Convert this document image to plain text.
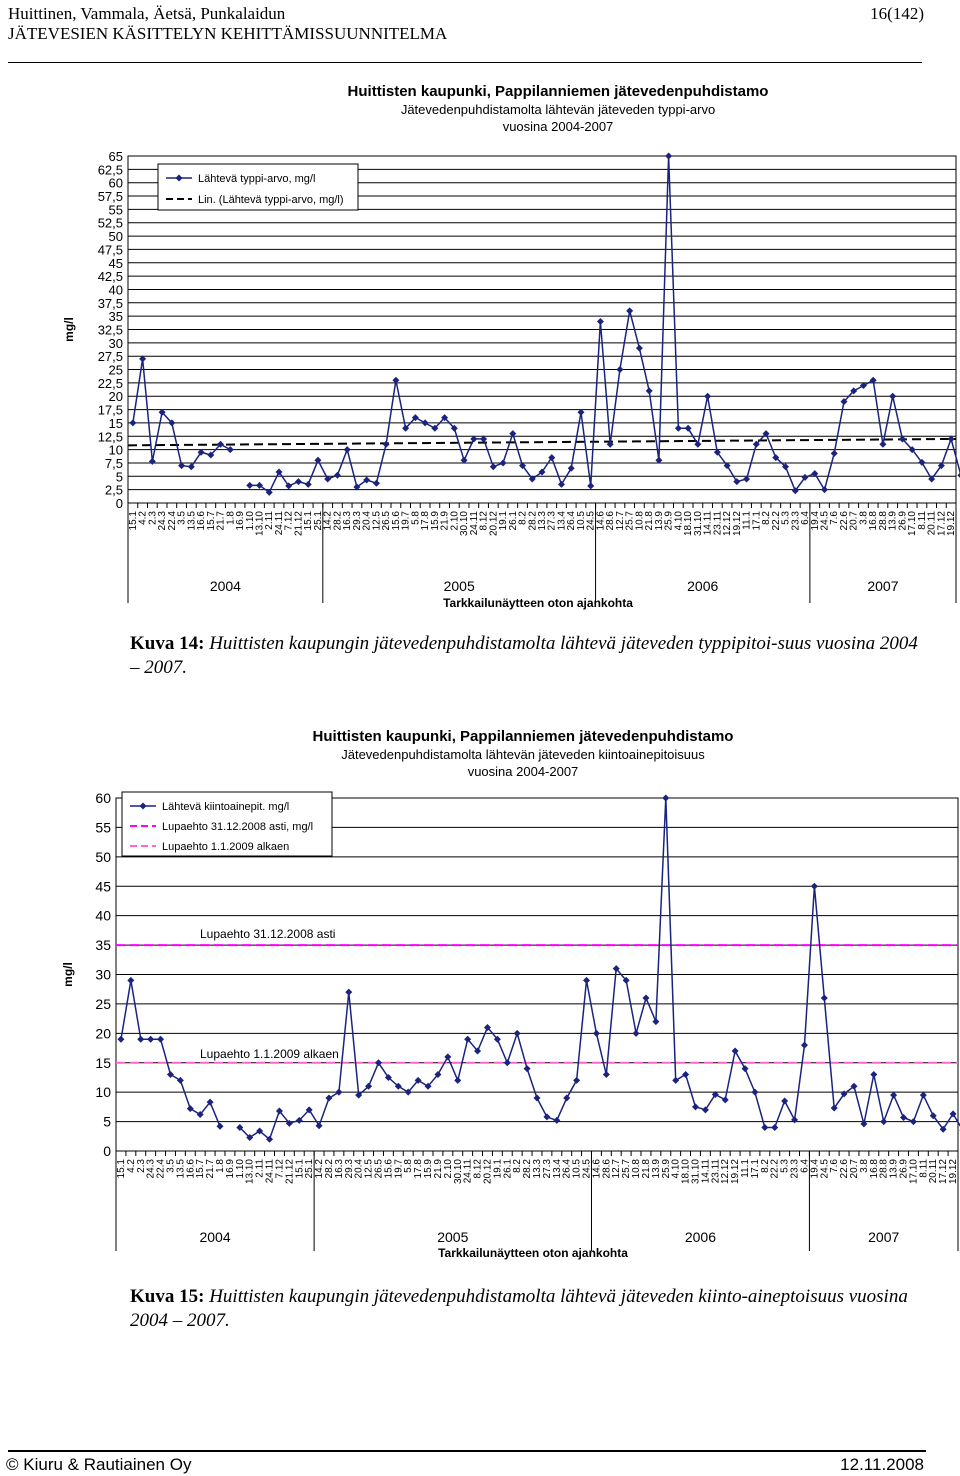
Huittinen, Vammala, Äetsä, Punkalaidun
JÄTEVESIEN KÄSITTELYN KEHITTÄMISSUUNNITELMA
16(142)
Huittisten kaupunki, Pappilanniemen jätevedenpuhdistamo
Jätevedenpuhdistamolta lähtevän jäteveden typpi-arvo
vuosina 2004-2007
0
2,5
5
7,5
10
12,5
15
17,5
20
22,5
25
27,5
30
32,5
35
37,5
40
42,5
45
47,5
50
52,5
55
57,5
60
62,5
65
mg/l
15.1
4.2
2.3
24.3
22.4
3.5
13.5
16.6
15.7
21.7
1.8
16.9
1.10
13.10
2.11
24.11
7.12
21.12
15.1
25.1
14.2
28.2
16.3
29.3
20.4
12.5
26.5
15.6
19.7
5.8
17.8
15.9
21.9
2.10
30.10
24.11
8.12
20.12
19.1
26.1
8.2
28.2
13.3
27.3
13.4
26.4
10.5
24.5
14.6
28.6
12.7
25.7
10.8
21.8
13.9
25.9
4.10
18.10
31.10
14.11
23.11
12.12
19.12
11.1
17.1
8.2
22.2
5.3
23.3
6.4
19.4
24.5
7.6
22.6
20.7
3.8
16.8
28.8
13.9
26.9
17.10
8.11
20.11
17.12
19.12
2004	2005	2006	2007
Tarkkailunäytteen oton ajankohta
Lähtevä typpi-arvo, mg/l
Lin. (Lähtevä typpi-arvo, mg/l)
Kuva 14: Huittisten kaupungin jätevedenpuhdistamolta lähtevä jäteveden typpipitoi-suus vuosina 2004 – 2007.
Huittisten kaupunki, Pappilanniemen jätevedenpuhdistamo
Jätevedenpuhdistamolta lähtevän jäteveden kiintoainepitoisuus
vuosina 2004-2007
0
5
10
15
20
25
30
35
40
45
50
55
60
mg/l
15.1
4.2
2.3
24.3
22.4
3.5
13.5
16.6
15.7
21.7
1.8
16.9
1.10
13.10
2.11
24.11
7.12
21.12
15.1
25.1
14.2
28.2
16.3
29.3
20.4
12.5
26.5
15.6
19.7
5.8
17.8
15.9
21.9
2.10
30.10
24.11
8.12
20.12
19.1
26.1
8.2
28.2
13.3
27.3
13.4
26.4
10.5
24.5
14.6
28.6
12.7
25.7
10.8
21.8
13.9
25.9
4.10
18.10
31.10
14.11
23.11
12.12
19.12
11.1
17.1
8.2
22.2
5.3
23.3
6.4
19.4
24.5
7.6
22.6
20.7
3.8
16.8
28.8
13.9
26.9
17.10
8.11
20.11
17.12
19.12
2004	2005	2006	2007
Tarkkailunäytteen oton ajankohta
Lähtevä kiintoainepit. mg/l
Lupaehto 31.12.2008 asti, mg/l
Lupaehto 1.1.2009 alkaen
Lupaehto 31.12.2008 asti
Lupaehto 1.1.2009 alkaen
Kuva 15: Huittisten kaupungin jätevedenpuhdistamolta lähtevä jäteveden kiinto-aineptoisuus vuosina 2004 – 2007.
© Kiuru & Rautiainen Oy	12.11.2008
